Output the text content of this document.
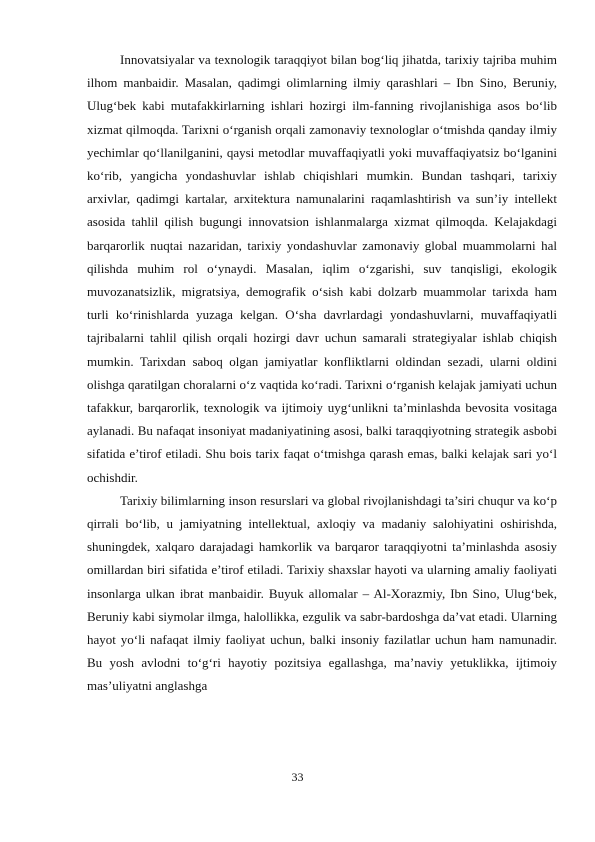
Innovatsiyalar va texnologik taraqqiyot bilan bog‘liq jihatda, tarixiy tajriba muhim ilhom manbaidir. Masalan, qadimgi olimlarning ilmiy qarashlari – Ibn Sino, Beruniy, Ulug‘bek kabi mutafakkirlarning ishlari hozirgi ilm-fanning rivojlanishiga asos bo‘lib xizmat qilmoqda. Tarixni o‘rganish orqali zamonaviy texnologlar o‘tmishda qanday ilmiy yechimlar qo‘llanilganini, qaysi metodlar muvaffaqiyatli yoki muvaffaqiyatsiz bo‘lganini ko‘rib, yangicha yondashuvlar ishlab chiqishlari mumkin. Bundan tashqari, tarixiy arxivlar, qadimgi kartalar, arxitektura namunalarini raqamlashtirish va sun’iy intellekt asosida tahlil qilish bugungi innovatsion ishlanmalarga xizmat qilmoqda. Kelajakdagi barqarorlik nuqtai nazaridan, tarixiy yondashuvlar zamonaviy global muammolarni hal qilishda muhim rol o‘ynaydi. Masalan, iqlim o‘zgarishi, suv tanqisligi, ekologik muvozanatsizlik, migratsiya, demografik o‘sish kabi dolzarb muammolar tarixda ham turli ko‘rinishlarda yuzaga kelgan. O‘sha davrlardagi yondashuvlarni, muvaffaqiyatli tajribalarni tahlil qilish orqali hozirgi davr uchun samarali strategiyalar ishlab chiqish mumkin. Tarixdan saboq olgan jamiyatlar konfliktlarni oldindan sezadi, ularni oldini olishga qaratilgan choralarni o‘z vaqtida ko‘radi. Tarixni o‘rganish kelajak jamiyati uchun tafakkur, barqarorlik, texnologik va ijtimoiy uyg‘unlikni ta’minlashda bevosita vositaga aylanadi. Bu nafaqat insoniyat madaniyatining asosi, balki taraqqiyotning strategik asbobi sifatida e’tirof etiladi. Shu bois tarix faqat o‘tmishga qarash emas, balki kelajak sari yo‘l ochishdir.

Tarixiy bilimlarning inson resurslari va global rivojlanishdagi ta’siri chuqur va ko‘p qirrali bo‘lib, u jamiyatning intellektual, axloqiy va madaniy salohiyatini oshirishda, shuningdek, xalqaro darajadagi hamkorlik va barqaror taraqqiyotni ta’minlashda asosiy omillardan biri sifatida e’tirof etiladi. Tarixiy shaxslar hayoti va ularning amaliy faoliyati insonlarga ulkan ibrat manbaidir. Buyuk allomalar – Al-Xorazmiy, Ibn Sino, Ulug‘bek, Beruniy kabi siymolar ilmga, halollikka, ezgulik va sabr-bardoshga da’vat etadi. Ularning hayot yo‘li nafaqat ilmiy faoliyat uchun, balki insoniy fazilatlar uchun ham namunadir. Bu yosh avlodni to‘g‘ri hayotiy pozitsiya egallashga, ma’naviy yetuklikka, ijtimoiy mas’uliyatni anglashga

33
